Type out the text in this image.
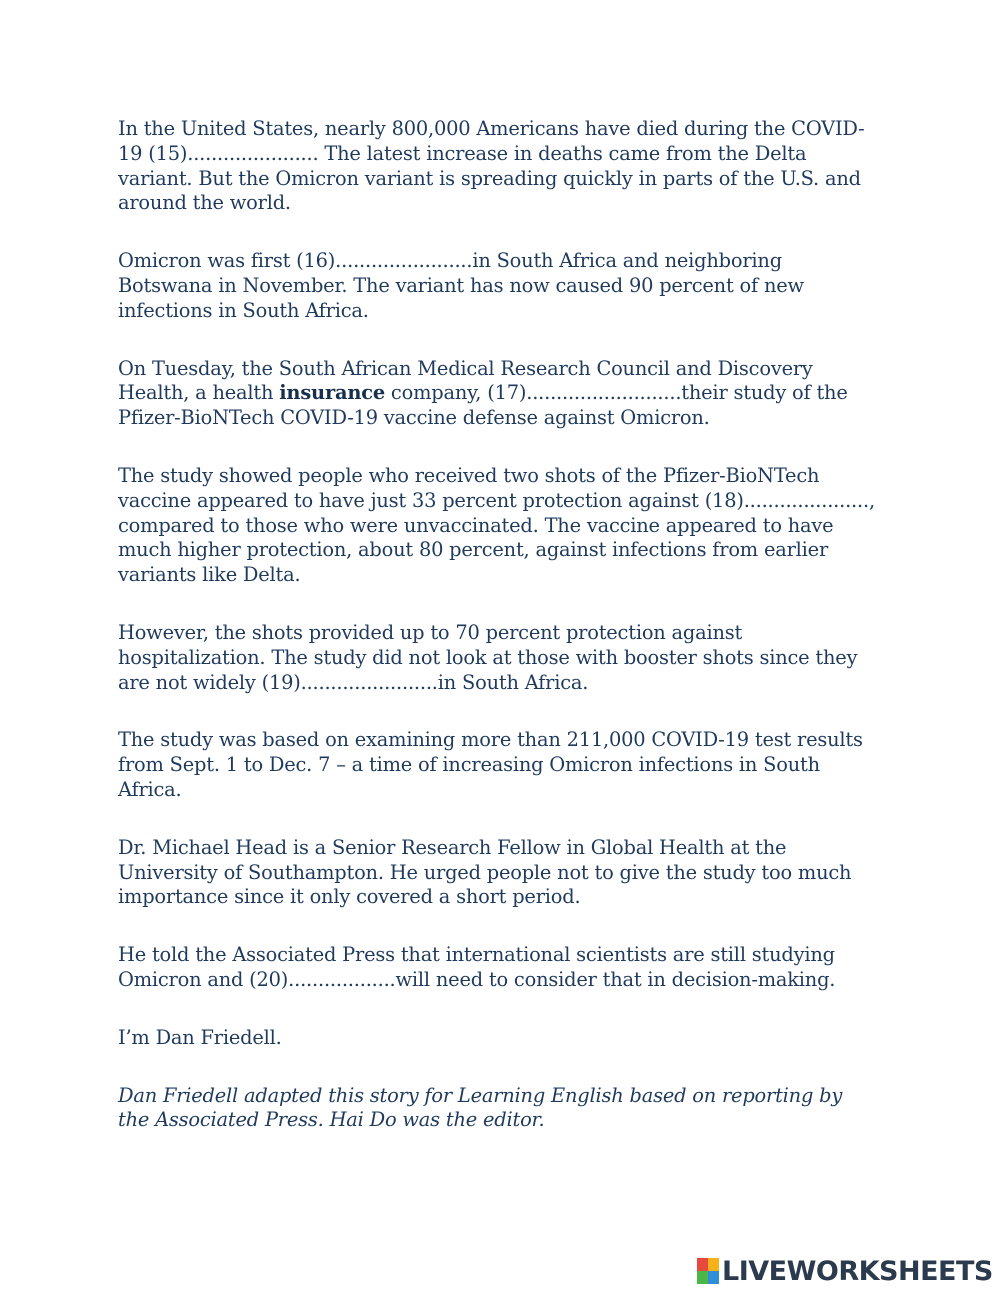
In the United States, nearly 800,000 Americans have died during the COVID-
19 (15)...................... The latest increase in deaths came from the Delta
variant. But the Omicron variant is spreading quickly in parts of the U.S. and
around the world.

Omicron was first (16).......................in South Africa and neighboring
Botswana in November. The variant has now caused 90 percent of new
infections in South Africa.

On Tuesday, the South African Medical Research Council and Discovery
Health, a health insurance company, (17)..........................their study of the
Pfizer-BioNTech COVID-19 vaccine defense against Omicron.

The study showed people who received two shots of the Pfizer-BioNTech
vaccine appeared to have just 33 percent protection against (18).....................,
compared to those who were unvaccinated. The vaccine appeared to have
much higher protection, about 80 percent, against infections from earlier
variants like Delta.

However, the shots provided up to 70 percent protection against
hospitalization. The study did not look at those with booster shots since they
are not widely (19).......................in South Africa.

The study was based on examining more than 211,000 COVID-19 test results
from Sept. 1 to Dec. 7 – a time of increasing Omicron infections in South
Africa.

Dr. Michael Head is a Senior Research Fellow in Global Health at the
University of Southampton. He urged people not to give the study too much
importance since it only covered a short period.

He told the Associated Press that international scientists are still studying
Omicron and (20)..................will need to consider that in decision-making.

I’m Dan Friedell.

Dan Friedell adapted this story for Learning English based on reporting by
the Associated Press. Hai Do was the editor.

LIVEWORKSHEETS
